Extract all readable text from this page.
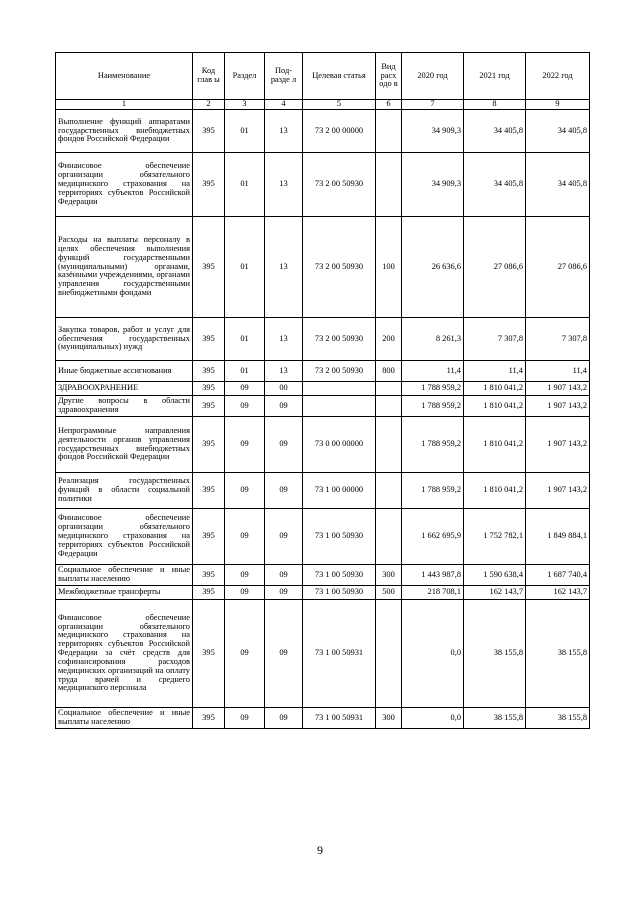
Наименование	Код глав ы	Раздел	Под- разде л	Целевая статья	Вид расх одо в	2020 год	2021 год	2022 год
1	2	3	4	5	6	7	8	9
Выполнение функций аппаратами государственных внебюджетных фондов Российской Федерации	395	01	13	73 2 00 00000		34 909,3	34 405,8	34 405,8
Финансовое обеспечение организации обязательного медицинского страхования на территориях субъектов Российской Федерации	395	01	13	73 2 00 50930		34 909,3	34 405,8	34 405,8
Расходы на выплаты персоналу в целях обеспечения выполнения функций государственными (муниципальными) органами, казёнными учреждениями, органами управления государственными внебюджетными фондами	395	01	13	73 2 00 50930	100	26 636,6	27 086,6	27 086,6
Закупка товаров, работ и услуг для обеспечения государственных (муниципальных) нужд	395	01	13	73 2 00 50930	200	8 261,3	7 307,8	7 307,8
Иные бюджетные ассигнования	395	01	13	73 2 00 50930	800	11,4	11,4	11,4
ЗДРАВООХРАНЕНИЕ	395	09	00			1 788 959,2	1 810 041,2	1 907 143,2
Другие вопросы в области здравоохранения	395	09	09			1 788 959,2	1 810 041,2	1 907 143,2
Непрограммные направления деятельности органов управления государственных внебюджетных фондов Российской Федерации	395	09	09	73 0 00 00000		1 788 959,2	1 810 041,2	1 907 143,2
Реализация государственных функций в области социальной политики	395	09	09	73 1 00 00000		1 788 959,2	1 810 041,2	1 907 143,2
Финансовое обеспечение организации обязательного медицинского страхования на территориях субъектов Российской Федерации	395	09	09	73 1 00 50930		1 662 695,9	1 752 782,1	1 849 884,1
Социальное обеспечение и иные выплаты населению	395	09	09	73 1 00 50930	300	1 443 987,8	1 590 638,4	1 687 740,4
Межбюджетные трансферты	395	09	09	73 1 00 50930	500	218 708,1	162 143,7	162 143,7
Финансовое обеспечение организации обязательного медицинского страхования на территориях субъектов Российской Федерации за счёт средств для софинансирования расходов медицинских организаций на оплату труда врачей и среднего медицинского персонала	395	09	09	73 1 00 50931		0,0	38 155,8	38 155,8
Социальное обеспечение и иные выплаты населению	395	09	09	73 1 00 50931	300	0,0	38 155,8	38 155,8
9
